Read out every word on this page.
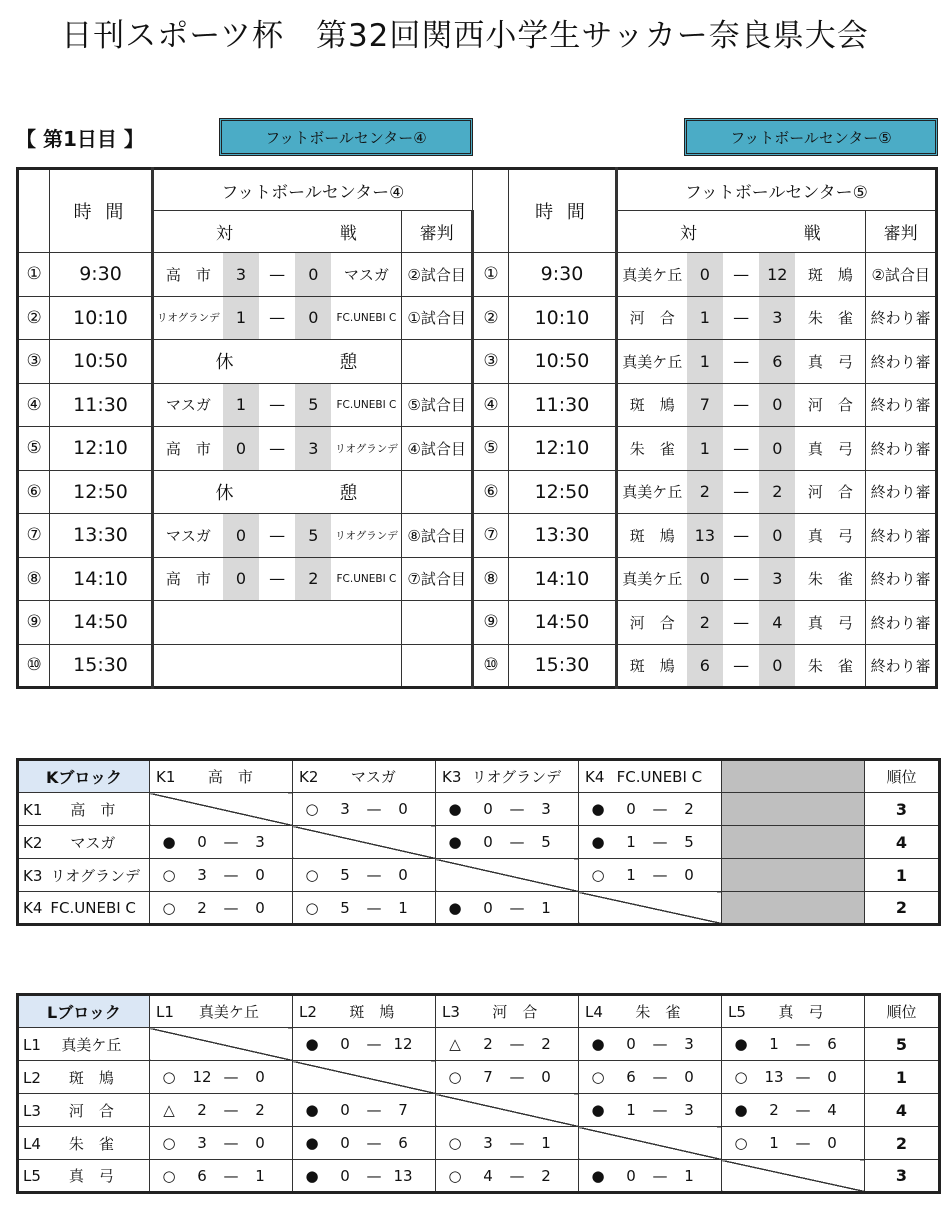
日刊スポーツ杯　第32回関西小学生サッカー奈良県大会
【 第1日目 】	フットボールセンター④	フットボールセンター⑤
	時 間	フットボールセンター④							時 間	フットボールセンター⑤					
		対			戦		審判			対			戦		審判
①	9:30	高　市	3	—	0	マスガ	②試合目	①	9:30	真美ケ丘	0	—	12	斑　鳩	②試合目
②	10:10	リオグランデ	1	—	0	FC.UNEBI C	①試合目	②	10:10	河　合	1	—	3	朱　雀	終わり審
③	10:50	休			憩			③	10:50	真美ケ丘	1	—	6	真　弓	終わり審
④	11:30	マスガ	1	—	5	FC.UNEBI C	⑤試合目	④	11:30	斑　鳩	7	—	0	河　合	終わり審
⑤	12:10	高　市	0	—	3	リオグランデ	④試合目	⑤	12:10	朱　雀	1	—	0	真　弓	終わり審
⑥	12:50	休			憩			⑥	12:50	真美ケ丘	2	—	2	河　合	終わり審
⑦	13:30	マスガ	0	—	5	リオグランデ	⑧試合目	⑦	13:30	斑　鳩	13	—	0	真　弓	終わり審
⑧	14:10	高　市	0	—	2	FC.UNEBI C	⑦試合目	⑧	14:10	真美ケ丘	0	—	3	朱　雀	終わり審
⑨	14:50							⑨	14:50	河　合	2	—	4	真　弓	終わり審
⑩	15:30							⑩	15:30	斑　鳩	6	—	0	朱　雀	終わり審
Kブロック	K1 高　市	K2 マスガ	K3 リオグランデ	K4 FC.UNEBI C		順位
K1 高　市		○ 3 — 0	● 0 — 3	● 0 — 2		3
K2 マスガ	● 0 — 3		● 0 — 5	● 1 — 5		4
K3 リオグランデ	○ 3 — 0	○ 5 — 0		○ 1 — 0		1
K4 FC.UNEBI C	○ 2 — 0	○ 5 — 1	● 0 — 1			2
Lブロック	L1 真美ケ丘	L2 斑　鳩	L3 河　合	L4 朱　雀	L5 真　弓	順位
L1 真美ケ丘		● 0 — 12	△ 2 — 2	● 0 — 3	● 1 — 6	5
L2 斑　鳩	○ 12 — 0		○ 7 — 0	○ 6 — 0	○ 13 — 0	1
L3 河　合	△ 2 — 2	● 0 — 7		● 1 — 3	● 2 — 4	4
L4 朱　雀	○ 3 — 0	● 0 — 6	○ 3 — 1		○ 1 — 0	2
L5 真　弓	○ 6 — 1	● 0 — 13	○ 4 — 2	● 0 — 1		3
